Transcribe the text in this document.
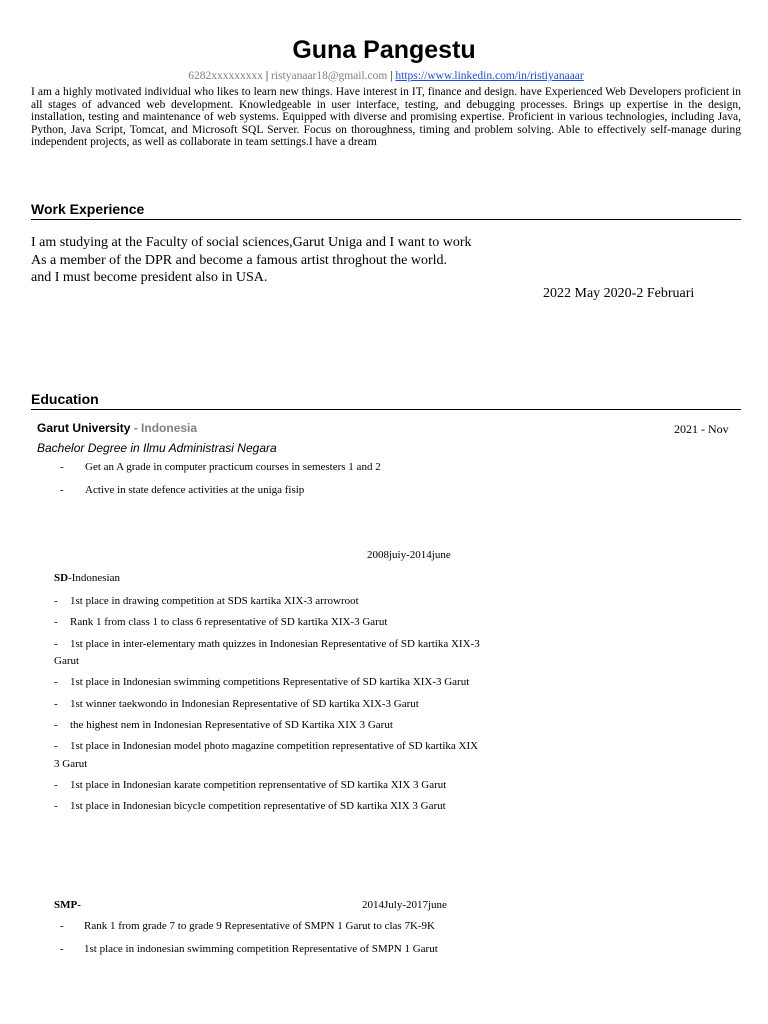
Guna Pangestu
6282xxxxxxxxx | ristyanaar18@gmail.com | https://www.linkedin.com/in/ristiyanaaar

I am a highly motivated individual who likes to learn new things. Have interest in IT, finance and design. have Experienced Web Developers proficient in all stages of advanced web development. Knowledgeable in user interface, testing, and debugging processes. Brings up expertise in the design, installation, testing and maintenance of web systems. Equipped with diverse and promising expertise. Proficient in various technologies, including Java, Python, Java Script, Tomcat, and Microsoft SQL Server. Focus on thoroughness, timing and problem solving. Able to effectively self-manage during independent projects, as well as collaborate in team settings.I have a dream

Work Experience
I am studying at the Faculty of social sciences,Garut Uniga and I want to work
As a member of the DPR and become a famous artist throghout the world.
and I must become president also in USA.
2022 May 2020-2 Februari
Education
Garut University - Indonesia	2021 - Nov
Bachelor Degree in Ilmu Administrasi Negara
-	Get an A grade in computer practicum courses in semesters 1 and 2
-	Active in state defence activities at the uniga fisip
2008juiy-2014june
SD-Indonesian
-	1st place in drawing competition at SDS kartika XIX-3 arrowroot
-	Rank 1 from class 1 to class 6 representative of SD kartika XIX-3 Garut
-	1st place in inter-elementary math quizzes in Indonesian Representative of SD kartika XIX-3 Garut
-	1st place in Indonesian swimming competitions Representative of SD kartika XIX-3 Garut
-	1st winner taekwondo in Indonesian Representative of SD kartika XIX-3 Garut
-	the highest nem in Indonesian Representative of SD Kartika XIX 3 Garut
-	1st place in Indonesian model photo magazine competition representative of SD kartika XIX 3 Garut
-	1st place in Indonesian karate competition reprensentative of SD kartika XIX 3 Garut
-	1st place in Indonesian bicycle competition representative of SD kartika XIX 3 Garut
SMP-	2014July-2017june
-	Rank 1 from grade 7 to grade 9 Representative of SMPN 1 Garut to clas 7K-9K
-	1st place in indonesian swimming competition Representative of SMPN 1 Garut
